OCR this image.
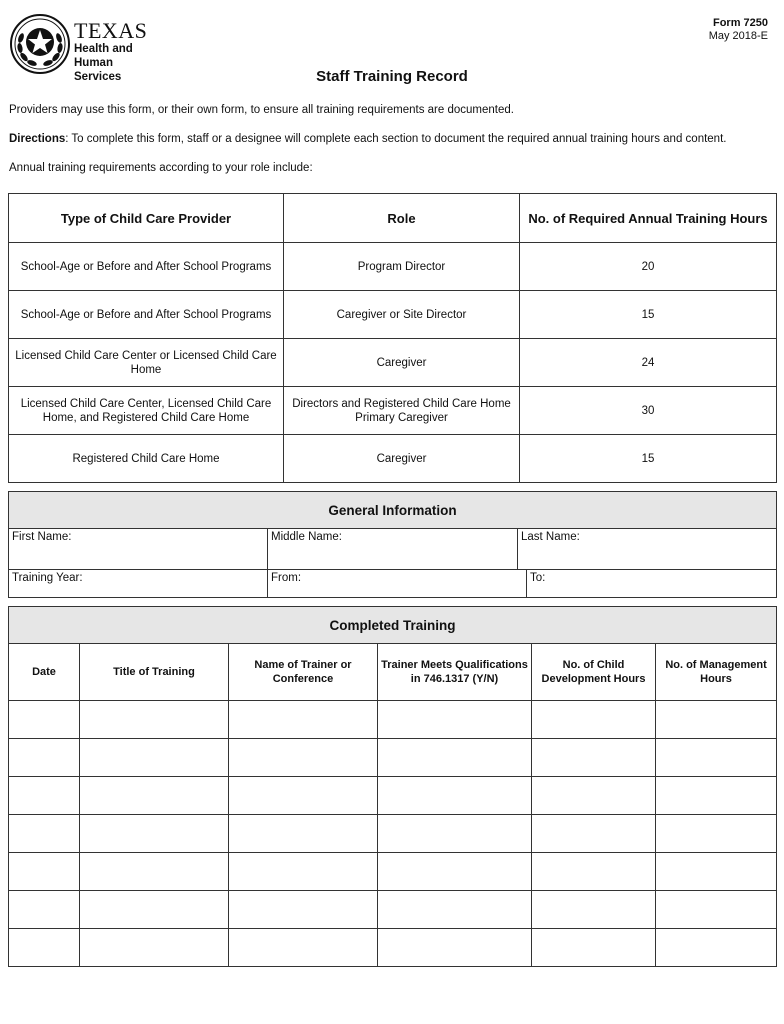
TEXAS
Health and Human
Services
Form 7250
May 2018-E
Staff Training Record
Providers may use this form, or their own form, to ensure all training requirements are documented.
Directions: To complete this form, staff or a designee will complete each section to document the required annual training hours and content.
Annual training requirements according to your role include:
Type of Child Care Provider	Role	No. of Required Annual Training Hours
School-Age or Before and After School Programs	Program Director	20
School-Age or Before and After School Programs	Caregiver or Site Director	15
Licensed Child Care Center or Licensed Child Care Home	Caregiver	24
Licensed Child Care Center, Licensed Child Care Home, and Registered Child Care Home	Directors and Registered Child Care Home Primary Caregiver	30
Registered Child Care Home	Caregiver	15
General Information			
First Name:	Middle Name:	Last Name:	
Training Year:	From:		To:
Completed Training					
Date	Title of Training	Name of Trainer or Conference	Trainer Meets Qualifications in 746.1317 (Y/N)	No. of Child Development Hours	No. of Management Hours
